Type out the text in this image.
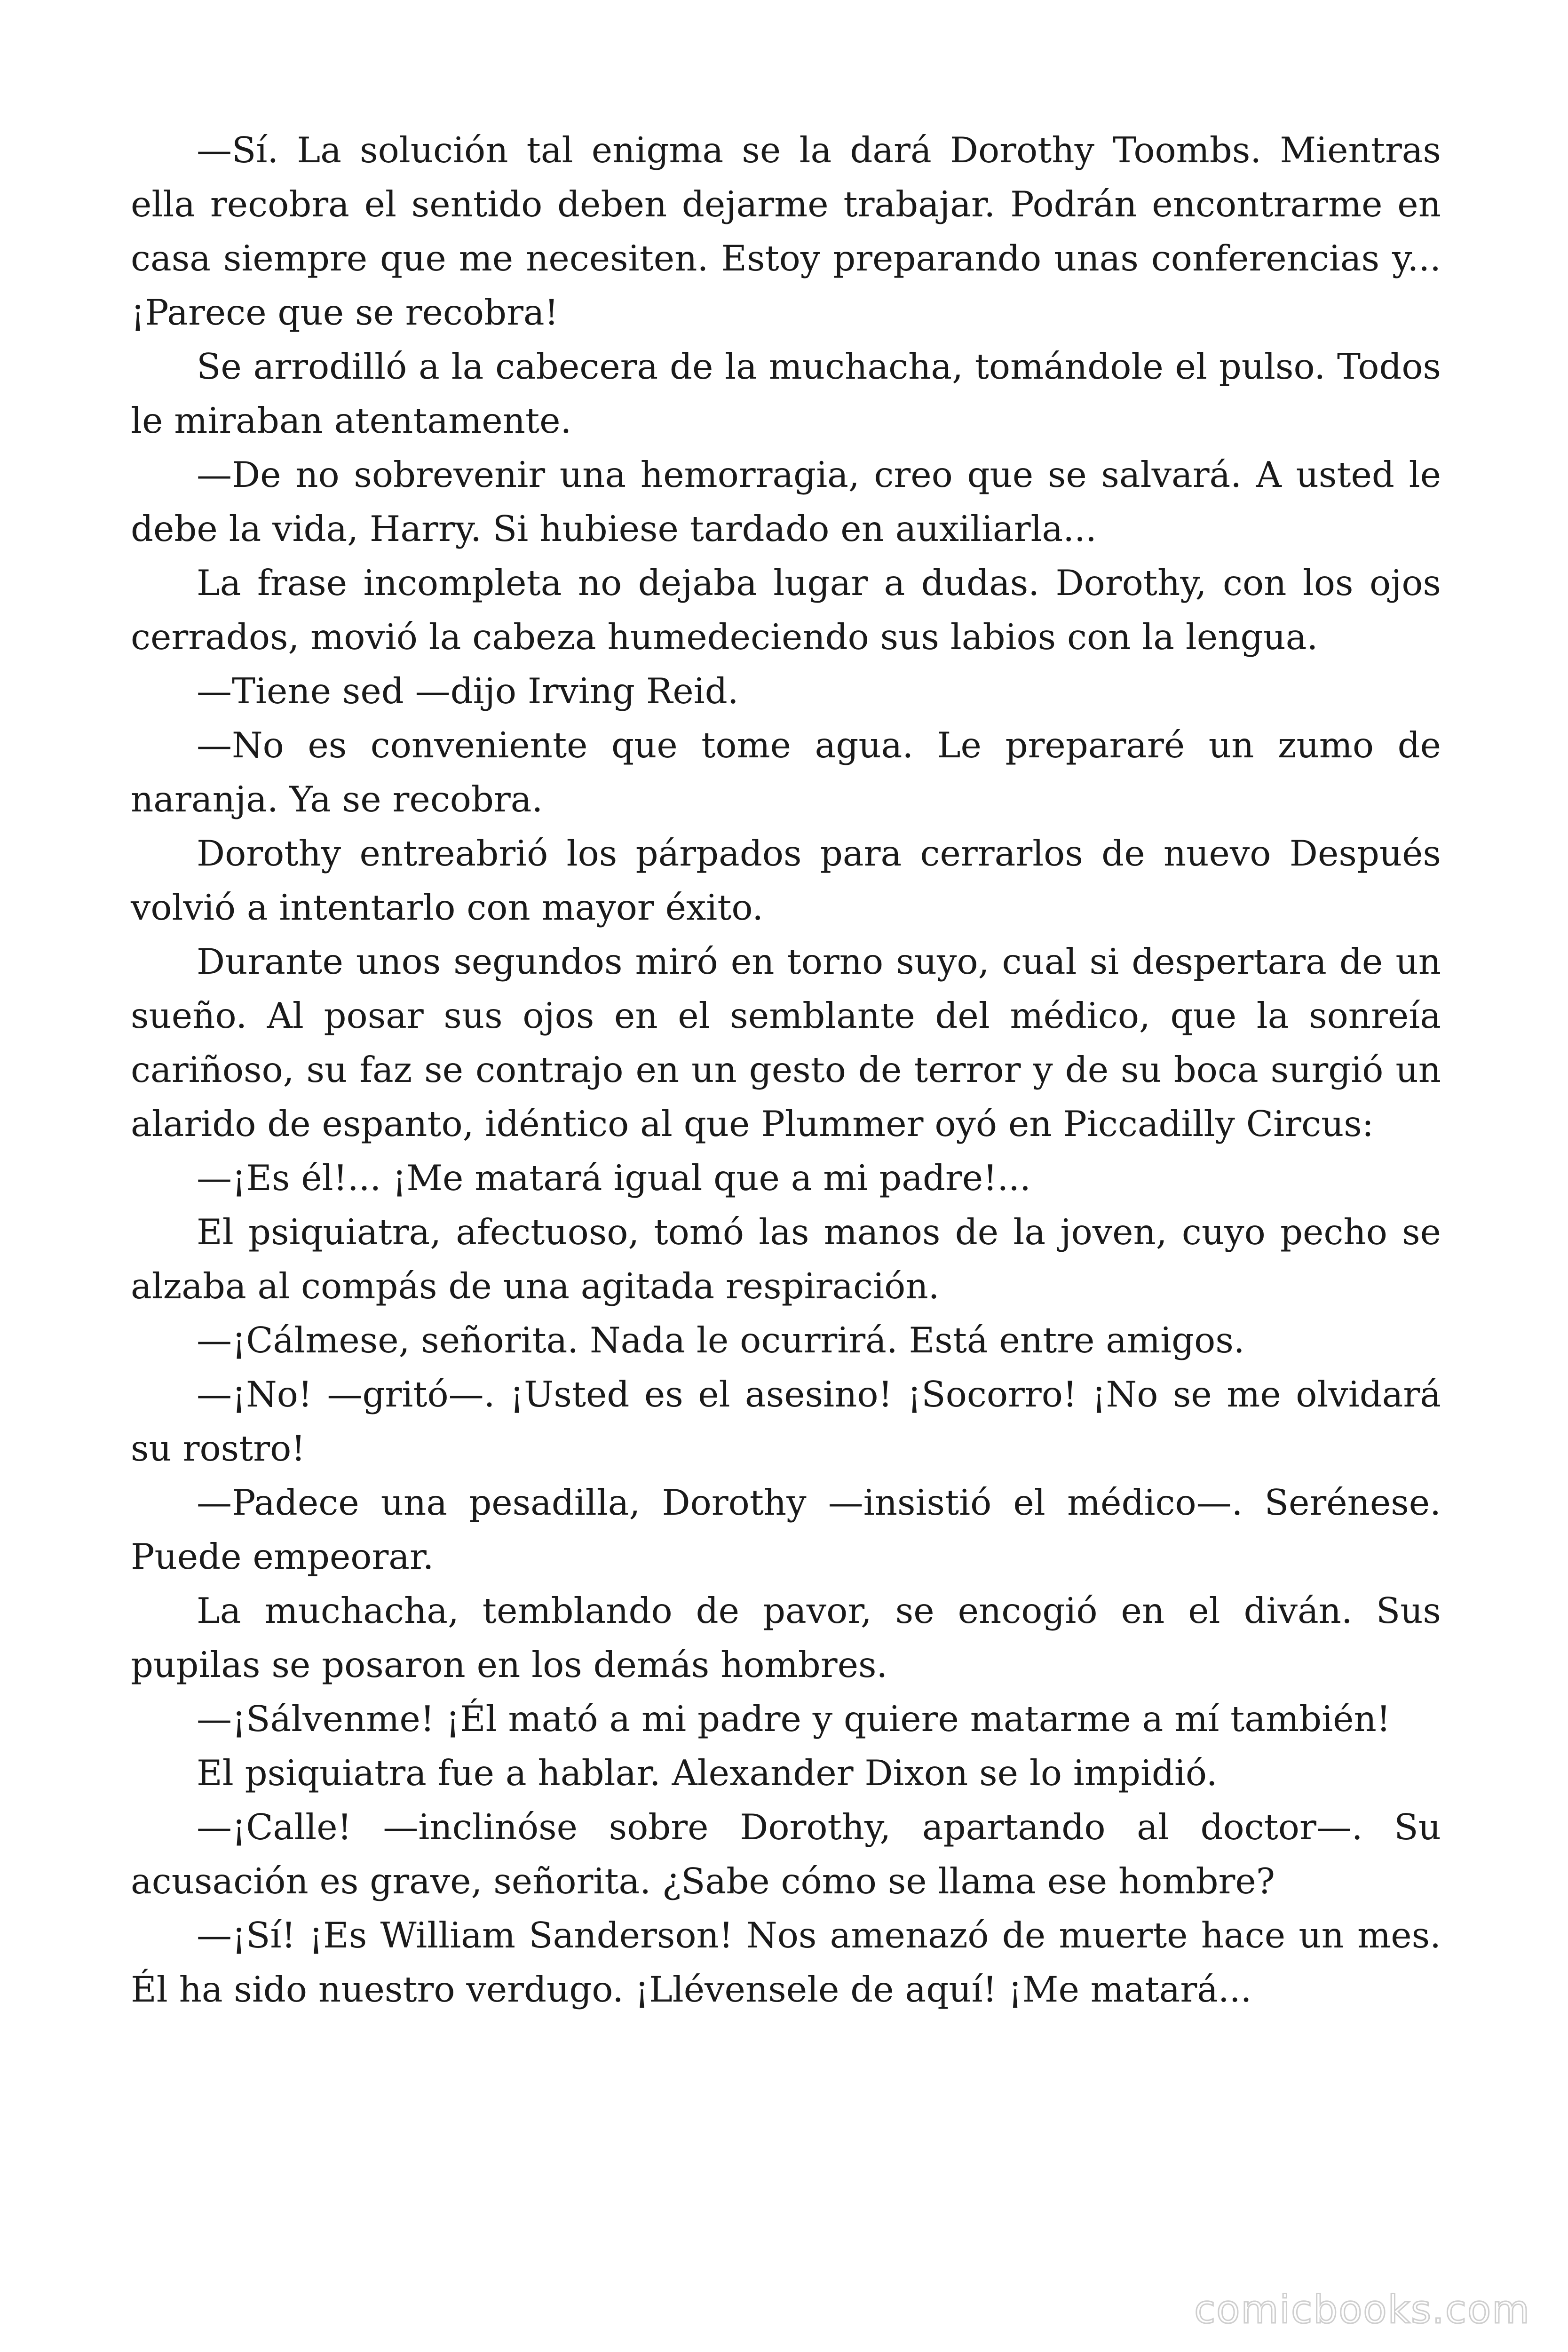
—Sí. La solución tal enigma se la dará Dorothy Toombs. Mientras ella recobra el sentido deben dejarme trabajar. Podrán encontrarme en casa siempre que me necesiten. Estoy preparando unas conferencias y... ¡Parece que se recobra!

Se arrodilló a la cabecera de la muchacha, tomándole el pulso. Todos le miraban atentamente.

—De no sobrevenir una hemorragia, creo que se salvará. A usted le debe la vida, Harry. Si hubiese tardado en auxiliarla...

La frase incompleta no dejaba lugar a dudas. Dorothy, con los ojos cerrados, movió la cabeza humedeciendo sus labios con la lengua.

—Tiene sed —dijo Irving Reid.

—No es conveniente que tome agua. Le prepararé un zumo de naranja. Ya se recobra.

Dorothy entreabrió los párpados para cerrarlos de nuevo Después volvió a intentarlo con mayor éxito.

Durante unos segundos miró en torno suyo, cual si despertara de un sueño. Al posar sus ojos en el semblante del médico, que la sonreía cariñoso, su faz se contrajo en un gesto de terror y de su boca surgió un alarido de espanto, idéntico al que Plummer oyó en Piccadilly Circus:

—¡Es él!... ¡Me matará igual que a mi padre!...

El psiquiatra, afectuoso, tomó las manos de la joven, cuyo pecho se alzaba al compás de una agitada respiración.

—¡Cálmese, señorita. Nada le ocurrirá. Está entre amigos.

—¡No! —gritó—. ¡Usted es el asesino! ¡Socorro! ¡No se me olvidará su rostro!

—Padece una pesadilla, Dorothy —insistió el médico—. Serénese. Puede empeorar.

La muchacha, temblando de pavor, se encogió en el diván. Sus pupilas se posaron en los demás hombres.

—¡Sálvenme! ¡Él mató a mi padre y quiere matarme a mí también!

El psiquiatra fue a hablar. Alexander Dixon se lo impidió.

—¡Calle! —inclinóse sobre Dorothy, apartando al doctor—. Su acusación es grave, señorita. ¿Sabe cómo se llama ese hombre?

—¡Sí! ¡Es William Sanderson! Nos amenazó de muerte hace un mes. Él ha sido nuestro verdugo. ¡Llévensele de aquí! ¡Me matará...

comicbooks.com
